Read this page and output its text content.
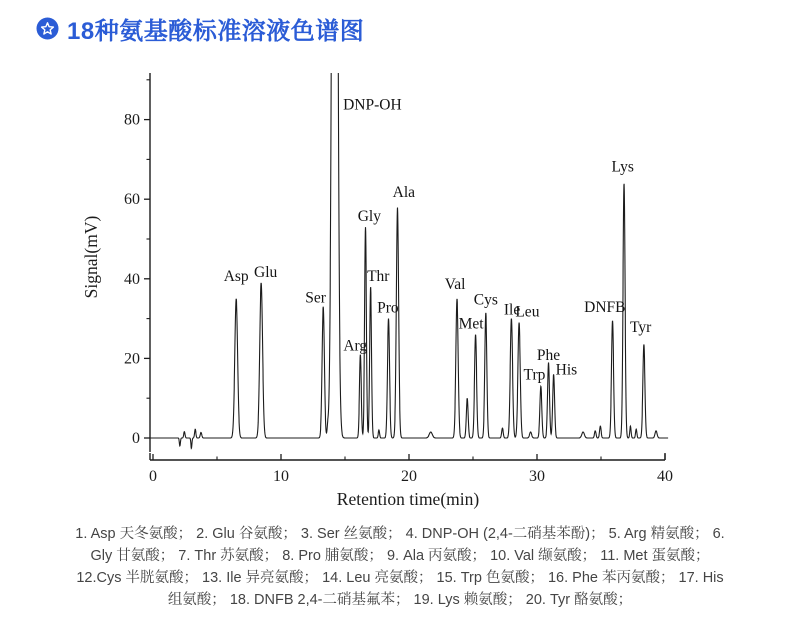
0	10	20	30	40
0
20
40
60
80
Retention time(min)
Signal(mV)	Asp Glu
Ser
DNP-OH
Arg
Gly
Thr
Pro
Ala
Val
Met
Cys
Ile
Leu
Trp
Phe
His
DNFB
Lys
Tyr
18种氨基酸标准溶液色谱图
1. Asp 天冬氨酸； 2. Glu 谷氨酸； 3. Ser 丝氨酸； 4. DNP-OH (2,4-二硝基苯酚)； 5. Arg 精氨酸； 6.
Gly 甘氨酸； 7. Thr 苏氨酸； 8. Pro 脯氨酸； 9. Ala 丙氨酸； 10. Val 缬氨酸； 11. Met 蛋氨酸；
12.Cys 半胱氨酸； 13. Ile 异亮氨酸； 14. Leu 亮氨酸； 15. Trp 色氨酸； 16. Phe 苯丙氨酸； 17. His
组氨酸； 18. DNFB 2,4-二硝基氟苯； 19. Lys 赖氨酸； 20. Tyr 酪氨酸；
